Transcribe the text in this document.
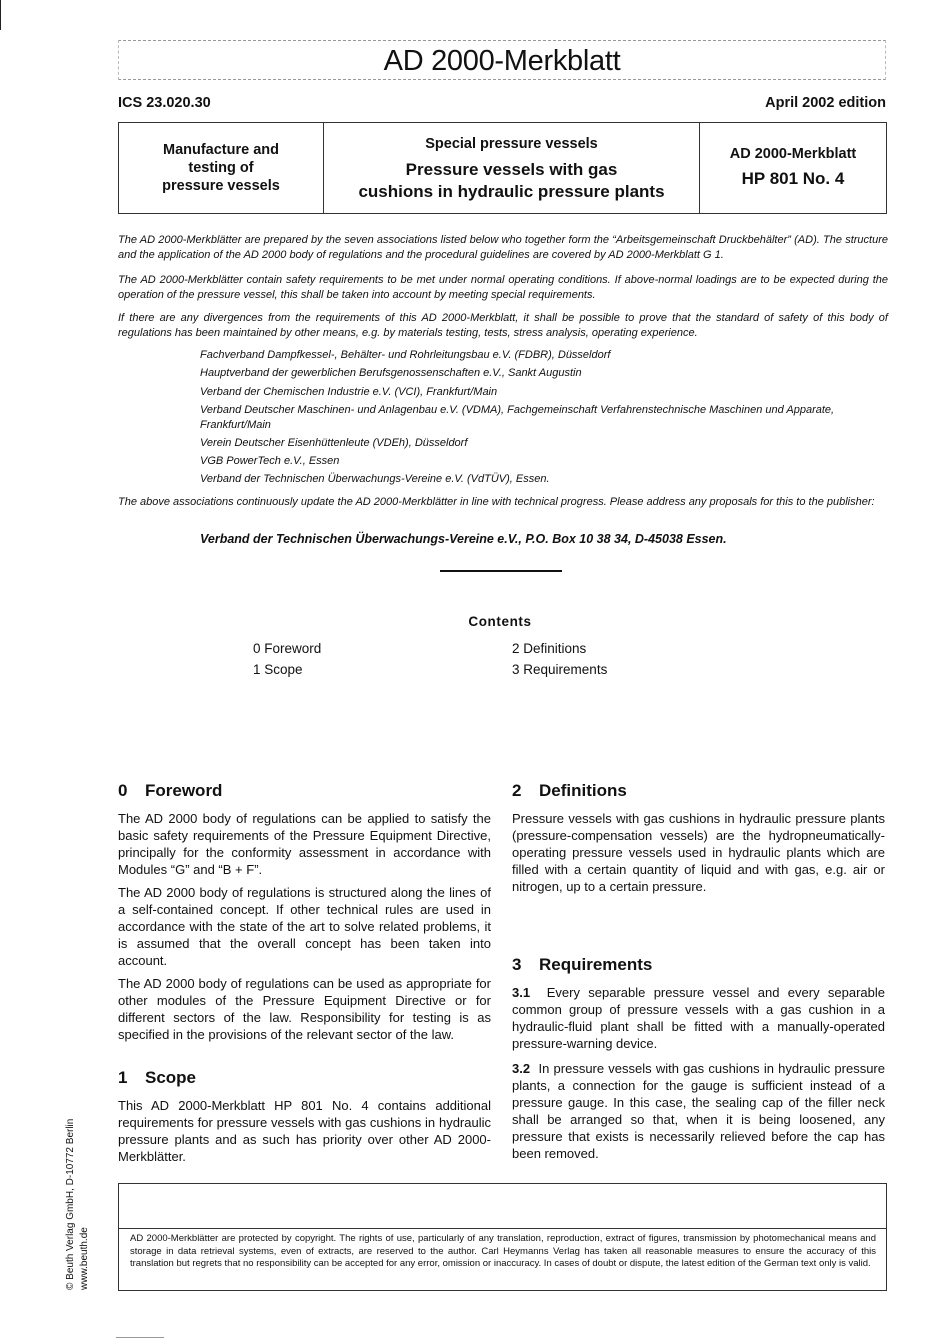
AD 2000-Merkblatt
ICS 23.020.30	April 2002 edition
Manufacture and
testing of
pressure vessels
Special pressure vessels
Pressure vessels with gas
cushions in hydraulic pressure plants
AD 2000-Merkblatt
HP 801 No. 4
The AD 2000-Merkblätter are prepared by the seven associations listed below who together form the “Arbeitsgemeinschaft Druckbehälter” (AD). The structure and the application of the AD 2000 body of regulations and the procedural guidelines are covered by AD 2000-Merkblatt G 1.
The AD 2000-Merkblätter contain safety requirements to be met under normal operating conditions. If above-normal loadings are to be expected during the operation of the pressure vessel, this shall be taken into account by meeting special requirements.
If there are any divergences from the requirements of this AD 2000-Merkblatt, it shall be possible to prove that the standard of safety of this body of regulations has been maintained by other means, e.g. by materials testing, tests, stress analysis, operating experience.
Fachverband Dampfkessel-, Behälter- und Rohrleitungsbau e.V. (FDBR), Düsseldorf
Hauptverband der gewerblichen Berufsgenossenschaften e.V., Sankt Augustin
Verband der Chemischen Industrie e.V. (VCI), Frankfurt/Main
Verband Deutscher Maschinen- und Anlagenbau e.V. (VDMA), Fachgemeinschaft Verfahrenstechnische Maschinen und Apparate, Frankfurt/Main
Verein Deutscher Eisenhüttenleute (VDEh), Düsseldorf
VGB PowerTech e.V., Essen
Verband der Technischen Überwachungs-Vereine e.V. (VdTÜV), Essen.
The above associations continuously update the AD 2000-Merkblätter in line with technical progress. Please address any proposals for this to the publisher:
Verband der Technischen Überwachungs-Vereine e.V., P.O. Box 10 38 34, D-45038 Essen.
Contents
0 Foreword
1 Scope
2 Definitions
3 Requirements
0 Foreword

The AD 2000 body of regulations can be applied to satisfy the basic safety requirements of the Pressure Equipment Directive, principally for the conformity assessment in accordance with Modules “G” and “B + F”.

The AD 2000 body of regulations is structured along the lines of a self-contained concept. If other technical rules are used in accordance with the state of the art to solve related problems, it is assumed that the overall concept has been taken into account.

The AD 2000 body of regulations can be used as appropriate for other modules of the Pressure Equipment Directive or for different sectors of the law. Responsibility for testing is as specified in the provisions of the relevant sector of the law.

1 Scope

This AD 2000-Merkblatt HP 801 No. 4 contains additional requirements for pressure vessels with gas cushions in hydraulic pressure plants and as such has priority over other AD 2000-Merkblätter.

2 Definitions

Pressure vessels with gas cushions in hydraulic pressure plants (pressure-compensation vessels) are the hydropneumatically-operating pressure vessels used in hydraulic plants which are filled with a certain quantity of liquid and with gas, e.g. air or nitrogen, up to a certain pressure.

3 Requirements

3.1 Every separable pressure vessel and every separable common group of pressure vessels with a gas cushion in a hydraulic-fluid plant shall be fitted with a manually-operated pressure-warning device.

3.2 In pressure vessels with gas cushions in hydraulic pressure plants, a connection for the gauge is sufficient instead of a pressure gauge. In this case, the sealing cap of the filler neck shall be arranged so that, when it is being loosened, any pressure that exists is necessarily relieved before the cap has been removed.

© Beuth Verlag GmbH, D-10772 Berlin www.beuth.de	AD 2000-Merkblätter are protected by copyright. The rights of use, particularly of any translation, reproduction, extract of figures, transmission by photomechanical means and storage in data retrieval systems, even of extracts, are reserved to the author. Carl Heymanns Verlag has taken all reasonable measures to ensure the accuracy of this translation but regrets that no responsibility can be accepted for any error, omission or inaccuracy. In cases of doubt or dispute, the latest edition of the German text only is valid.
